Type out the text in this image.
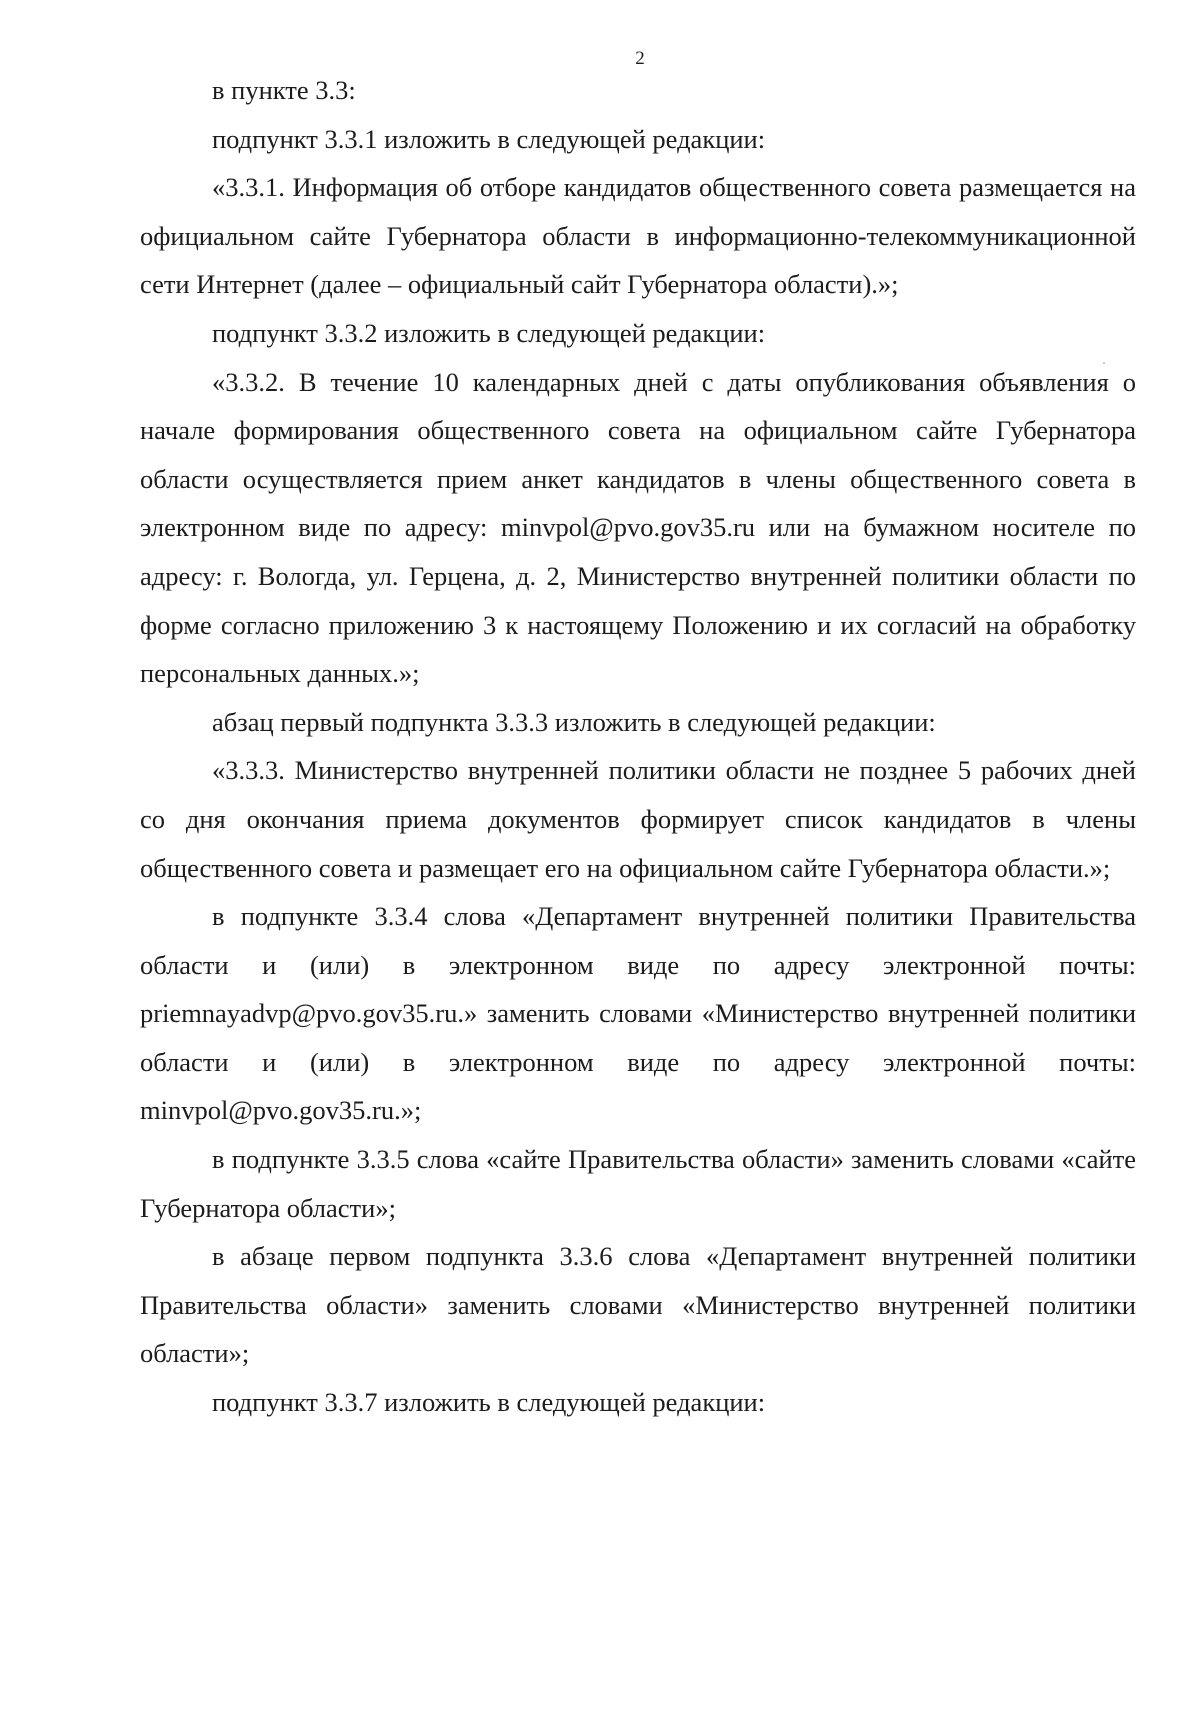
2

в пункте 3.3:

подпункт 3.3.1 изложить в следующей редакции:

«3.3.1. Информация об отборе кандидатов общественного совета размещается на официальном сайте Губернатора области в информационно-телекоммуникационной сети Интернет (далее – официальный сайт Губернатора области).»;

подпункт 3.3.2 изложить в следующей редакции:

«3.3.2. В течение 10 календарных дней с даты опубликования объявления о начале формирования общественного совета на официальном сайте Губернатора области осуществляется прием анкет кандидатов в члены общественного совета в электронном виде по адресу: minvpol@pvo.gov35.ru или на бумажном носителе по адресу: г. Вологда, ул. Герцена, д. 2, Министерство внутренней политики области по форме согласно приложению 3 к настоящему Положению и их согласий на обработку персональных данных.»;

абзац первый подпункта 3.3.3 изложить в следующей редакции:

«3.3.3. Министерство внутренней политики области не позднее 5 рабочих дней со дня окончания приема документов формирует список кандидатов в члены общественного совета и размещает его на официальном сайте Губернатора области.»;

в подпункте 3.3.4 слова «Департамент внутренней политики Правительства области и (или) в электронном виде по адресу электронной почты: priemnayadvp@pvo.gov35.ru.» заменить словами «Министерство внутренней политики области и (или) в электронном виде по адресу электронной почты: minvpol@pvo.gov35.ru.»;

в подпункте 3.3.5 слова «сайте Правительства области» заменить словами «сайте Губернатора области»;

в абзаце первом подпункта 3.3.6 слова «Департамент внутренней политики Правительства области» заменить словами «Министерство внутренней политики области»;

подпункт 3.3.7 изложить в следующей редакции:
